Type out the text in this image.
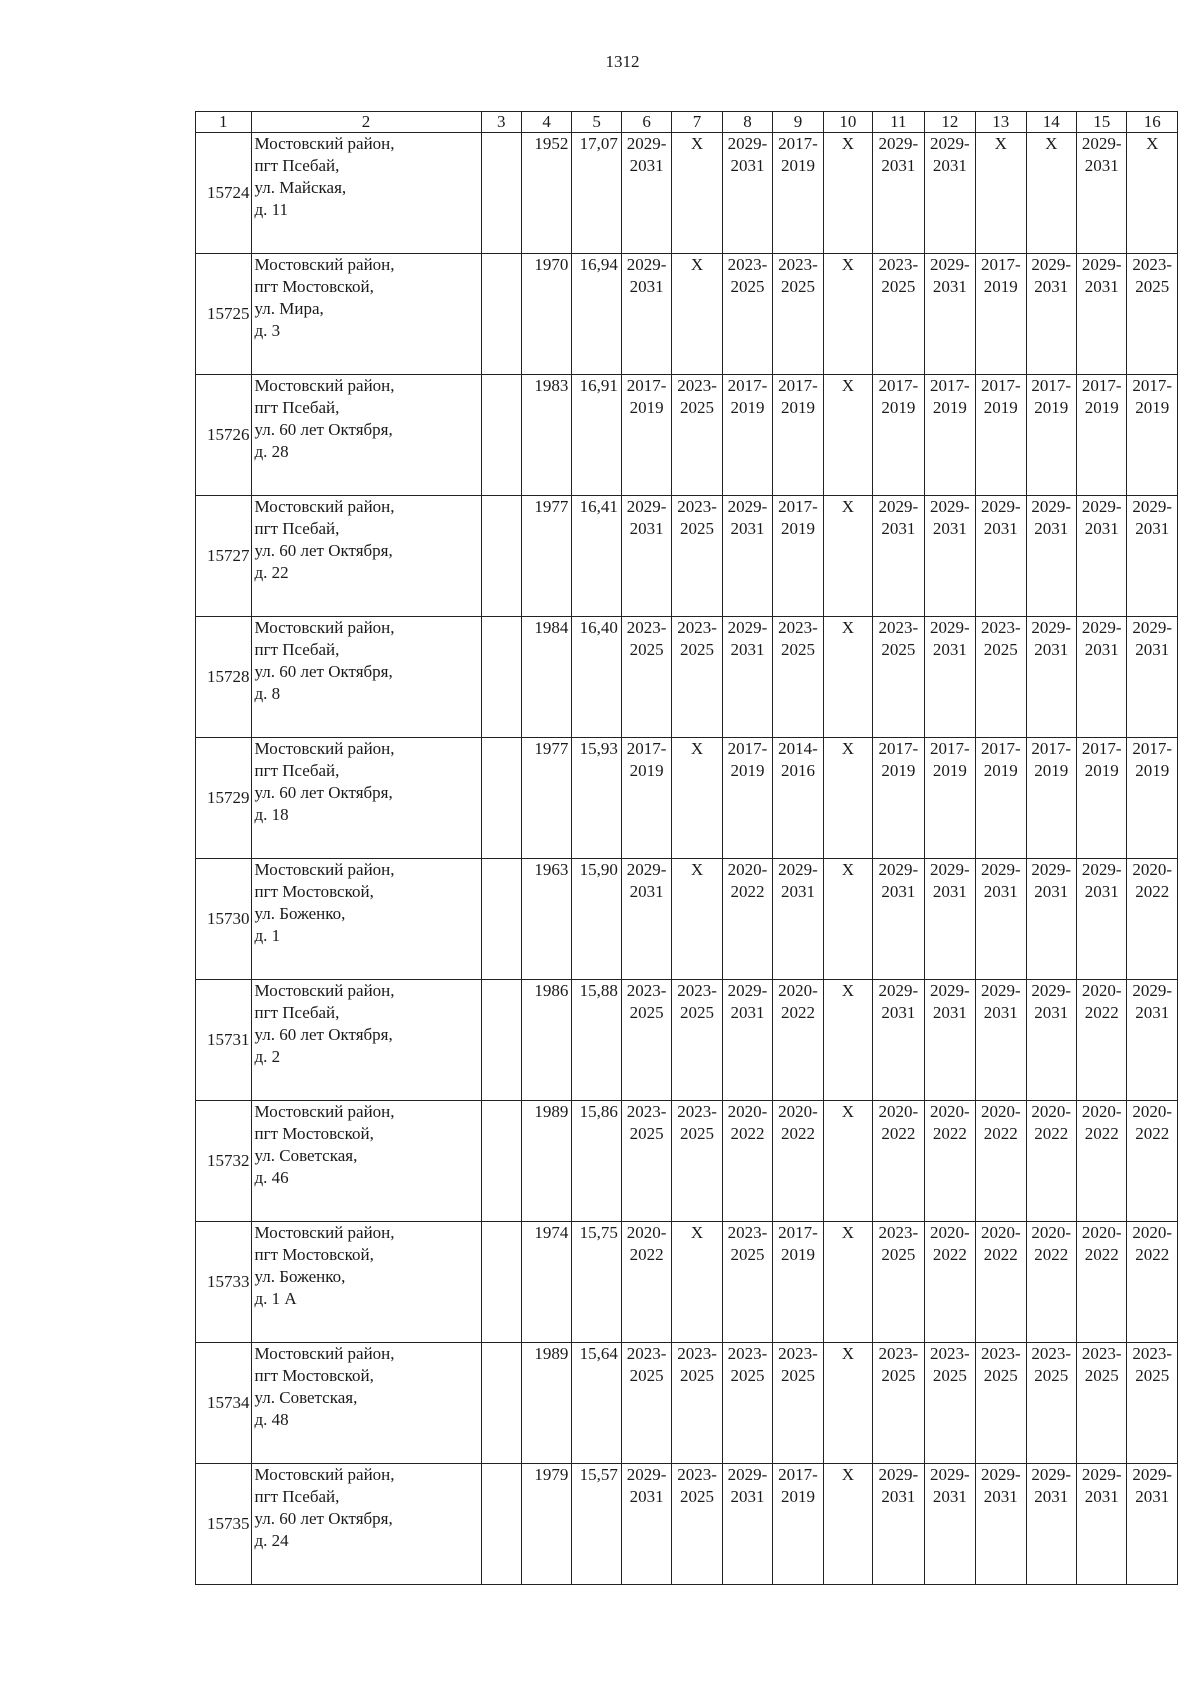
1312
1	2	3	4	5	6	7	8	9	10	11	12	13	14	15	16
15724	Мостовский район,
пгт Псебай,
ул. Майская,
д. 11		1952	17,07	2029-
2031	X	2029-
2031	2017-
2019	X	2029-
2031	2029-
2031	X	X	2029-
2031	X

15725	Мостовский район,
пгт Мостовской,
ул. Мира,
д. 3		1970	16,94	2029-
2031	X	2023-
2025	2023-
2025	X	2023-
2025	2029-
2031	2017-
2019	2029-
2031	2029-
2031	2023-
2025

15726	Мостовский район,
пгт Псебай,
ул. 60 лет Октября,
д. 28		1983	16,91	2017-
2019	2023-
2025	2017-
2019	2017-
2019	X	2017-
2019	2017-
2019	2017-
2019	2017-
2019	2017-
2019	2017-
2019

15727	Мостовский район,
пгт Псебай,
ул. 60 лет Октября,
д. 22		1977	16,41	2029-
2031	2023-
2025	2029-
2031	2017-
2019	X	2029-
2031	2029-
2031	2029-
2031	2029-
2031	2029-
2031	2029-
2031

15728	Мостовский район,
пгт Псебай,
ул. 60 лет Октября,
д. 8		1984	16,40	2023-
2025	2023-
2025	2029-
2031	2023-
2025	X	2023-
2025	2029-
2031	2023-
2025	2029-
2031	2029-
2031	2029-
2031

15729	Мостовский район,
пгт Псебай,
ул. 60 лет Октября,
д. 18		1977	15,93	2017-
2019	X	2017-
2019	2014-
2016	X	2017-
2019	2017-
2019	2017-
2019	2017-
2019	2017-
2019	2017-
2019

15730	Мостовский район,
пгт Мостовской,
ул. Боженко,
д. 1		1963	15,90	2029-
2031	X	2020-
2022	2029-
2031	X	2029-
2031	2029-
2031	2029-
2031	2029-
2031	2029-
2031	2020-
2022

15731	Мостовский район,
пгт Псебай,
ул. 60 лет Октября,
д. 2		1986	15,88	2023-
2025	2023-
2025	2029-
2031	2020-
2022	X	2029-
2031	2029-
2031	2029-
2031	2029-
2031	2020-
2022	2029-
2031

15732	Мостовский район,
пгт Мостовской,
ул. Советская,
д. 46		1989	15,86	2023-
2025	2023-
2025	2020-
2022	2020-
2022	X	2020-
2022	2020-
2022	2020-
2022	2020-
2022	2020-
2022	2020-
2022

15733	Мостовский район,
пгт Мостовской,
ул. Боженко,
д. 1 А		1974	15,75	2020-
2022	X	2023-
2025	2017-
2019	X	2023-
2025	2020-
2022	2020-
2022	2020-
2022	2020-
2022	2020-
2022

15734	Мостовский район,
пгт Мостовской,
ул. Советская,
д. 48		1989	15,64	2023-
2025	2023-
2025	2023-
2025	2023-
2025	X	2023-
2025	2023-
2025	2023-
2025	2023-
2025	2023-
2025	2023-
2025

15735	Мостовский район,
пгт Псебай,
ул. 60 лет Октября,
д. 24		1979	15,57	2029-
2031	2023-
2025	2029-
2031	2017-
2019	X	2029-
2031	2029-
2031	2029-
2031	2029-
2031	2029-
2031	2029-
2031
